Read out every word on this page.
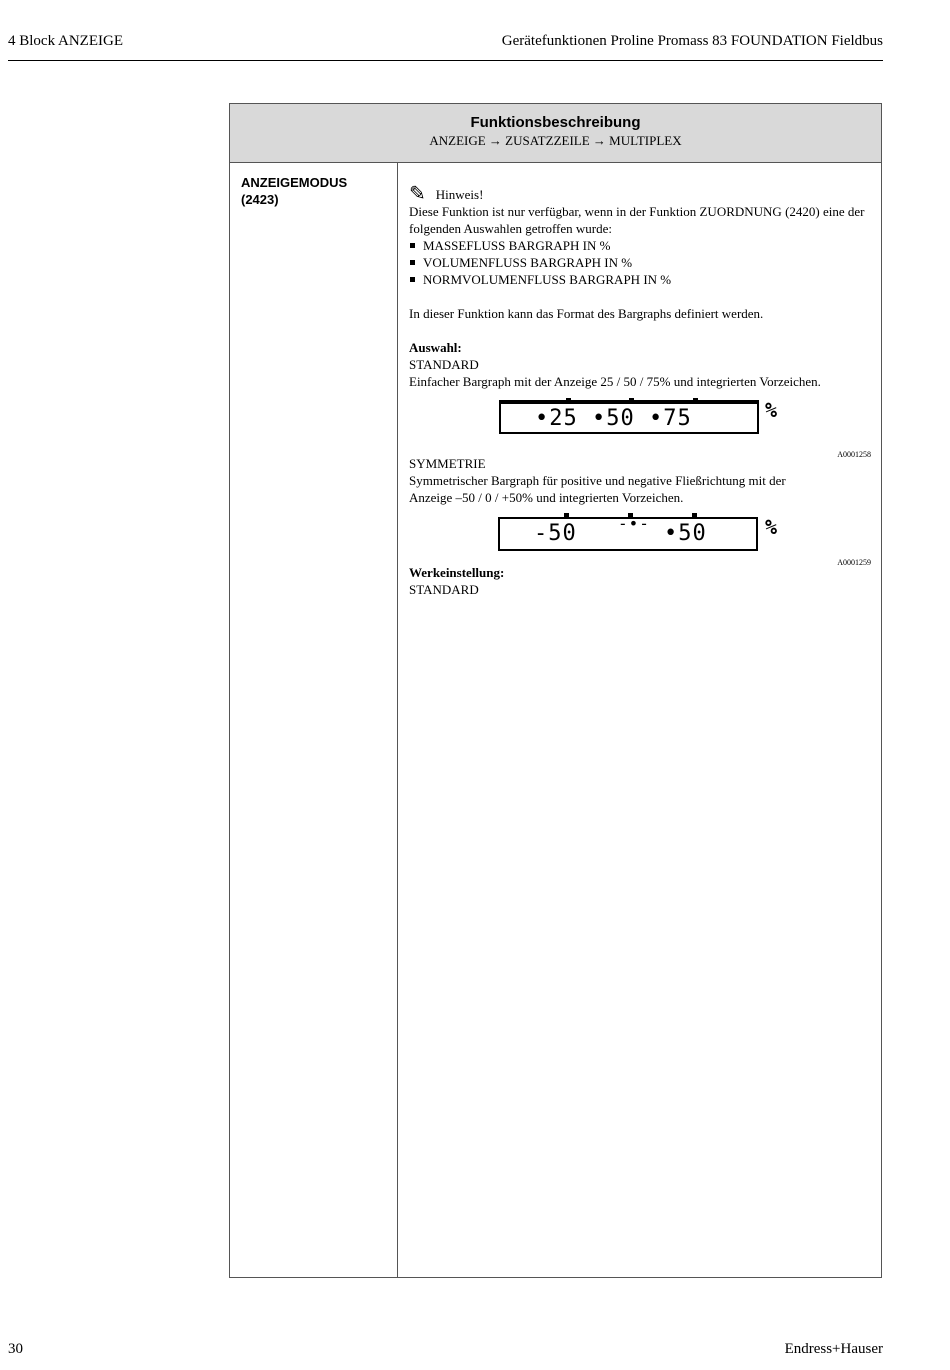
4 Block ANZEIGE	Gerätefunktionen Proline Promass 83 FOUNDATION Fieldbus
Funktionsbeschreibung
ANZEIGE → ZUSATZZEILE → MULTIPLEX
ANZEIGEMODUS
(2423)	✎ Hinweis!

Diese Funktion ist nur verfügbar, wenn in der Funktion ZUORDNUNG (2420) eine der

folgenden Auswahlen getroffen wurde:

MASSEFLUSS BARGRAPH IN %
VOLUMENFLUSS BARGRAPH IN %
NORMVOLUMENFLUSS BARGRAPH IN %

In dieser Funktion kann das Format des Bargraphs definiert werden.

Auswahl:

STANDARD

Einfacher Bargraph mit der Anzeige 25 / 50 / 75% und integrierten Vorzeichen.

•25 •50 •75	%
A0001258

SYMMETRIE

Symmetrischer Bargraph für positive und negative Fließrichtung mit der

Anzeige –50 / 0 / +50% und integrierten Vorzeichen.

-50	-•- •50	%
A0001259

Werkeinstellung:

STANDARD

30	Endress+Hauser
